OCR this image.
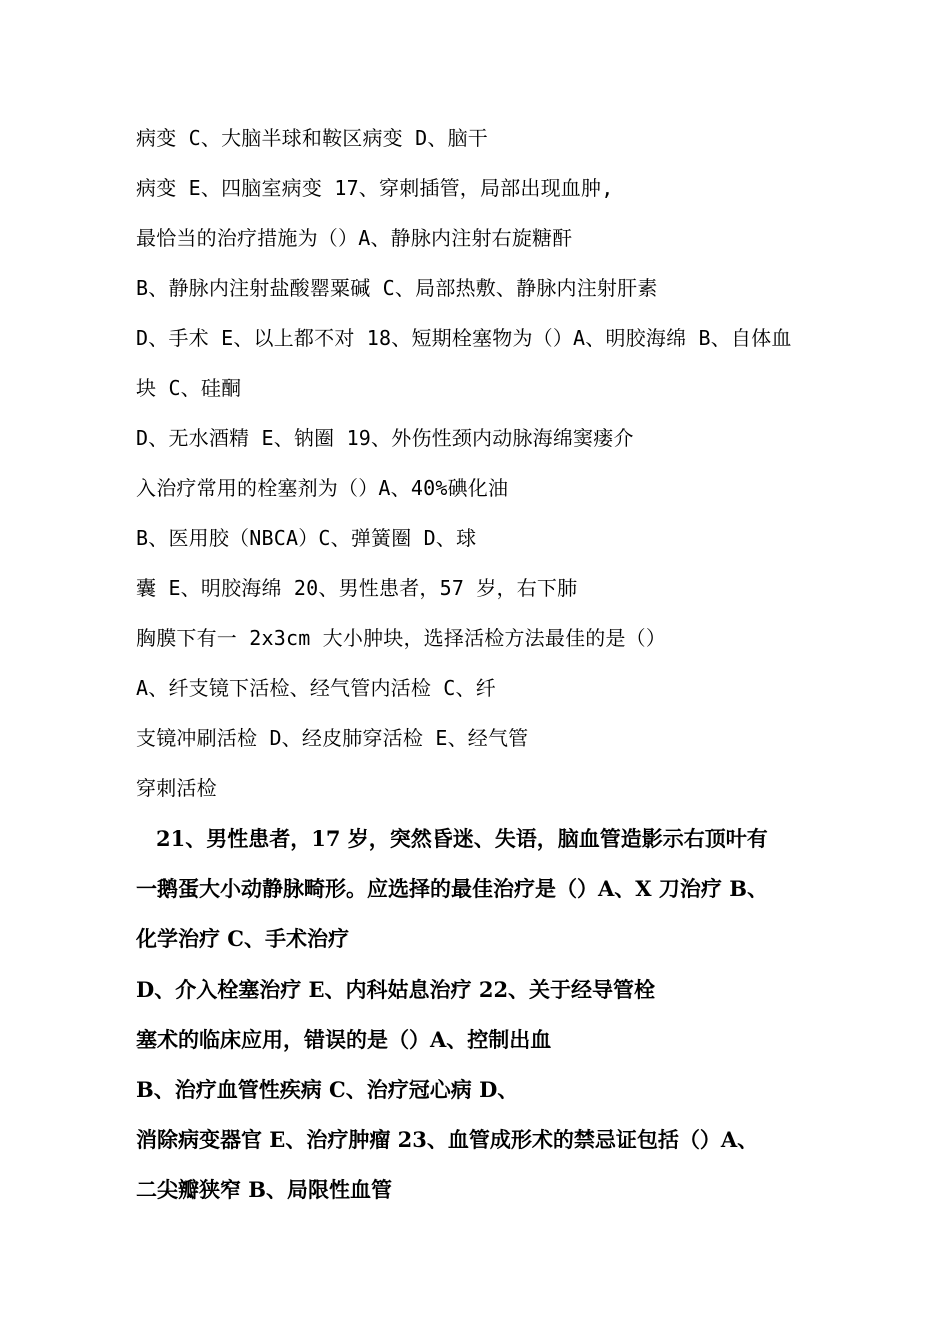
病变 C、大脑半球和鞍区病变 D、脑干
病变 E、四脑室病变 17、穿刺插管，局部出现血肿,
最恰当的治疗措施为（）A、静脉内注射右旋糖酐
B、静脉内注射盐酸罂粟碱 C、局部热敷、静脉内注射肝素
D、手术 E、以上都不对 18、短期栓塞物为（）A、明胶海绵 B、自体血
块 C、硅酮
D、无水酒精 E、钠圈 19、外伤性颈内动脉海绵窦瘘介
入治疗常用的栓塞剂为（）A、40%碘化油
B、医用胶（NBCA）C、弹簧圈 D、球
囊 E、明胶海绵 20、男性患者，57 岁，右下肺
胸膜下有一 2x3cm 大小肿块，选择活检方法最佳的是（）
A、纤支镜下活检、经气管内活检 C、纤
支镜冲刷活检 D、经皮肺穿活检 E、经气管
穿刺活检
21、男性患者，17 岁，突然昏迷、失语，脑血管造影示右顶叶有
一鹅蛋大小动静脉畸形。应选择的最佳治疗是（）A、X 刀治疗 B、
化学治疗 C、手术治疗
D、介入栓塞治疗 E、内科姑息治疗 22、关于经导管栓
塞术的临床应用，错误的是（）A、控制出血
B、治疗血管性疾病 C、治疗冠心病 D、
消除病变器官 E、治疗肿瘤 23、血管成形术的禁忌证包括（）A、
二尖瓣狭窄 B、局限性血管
